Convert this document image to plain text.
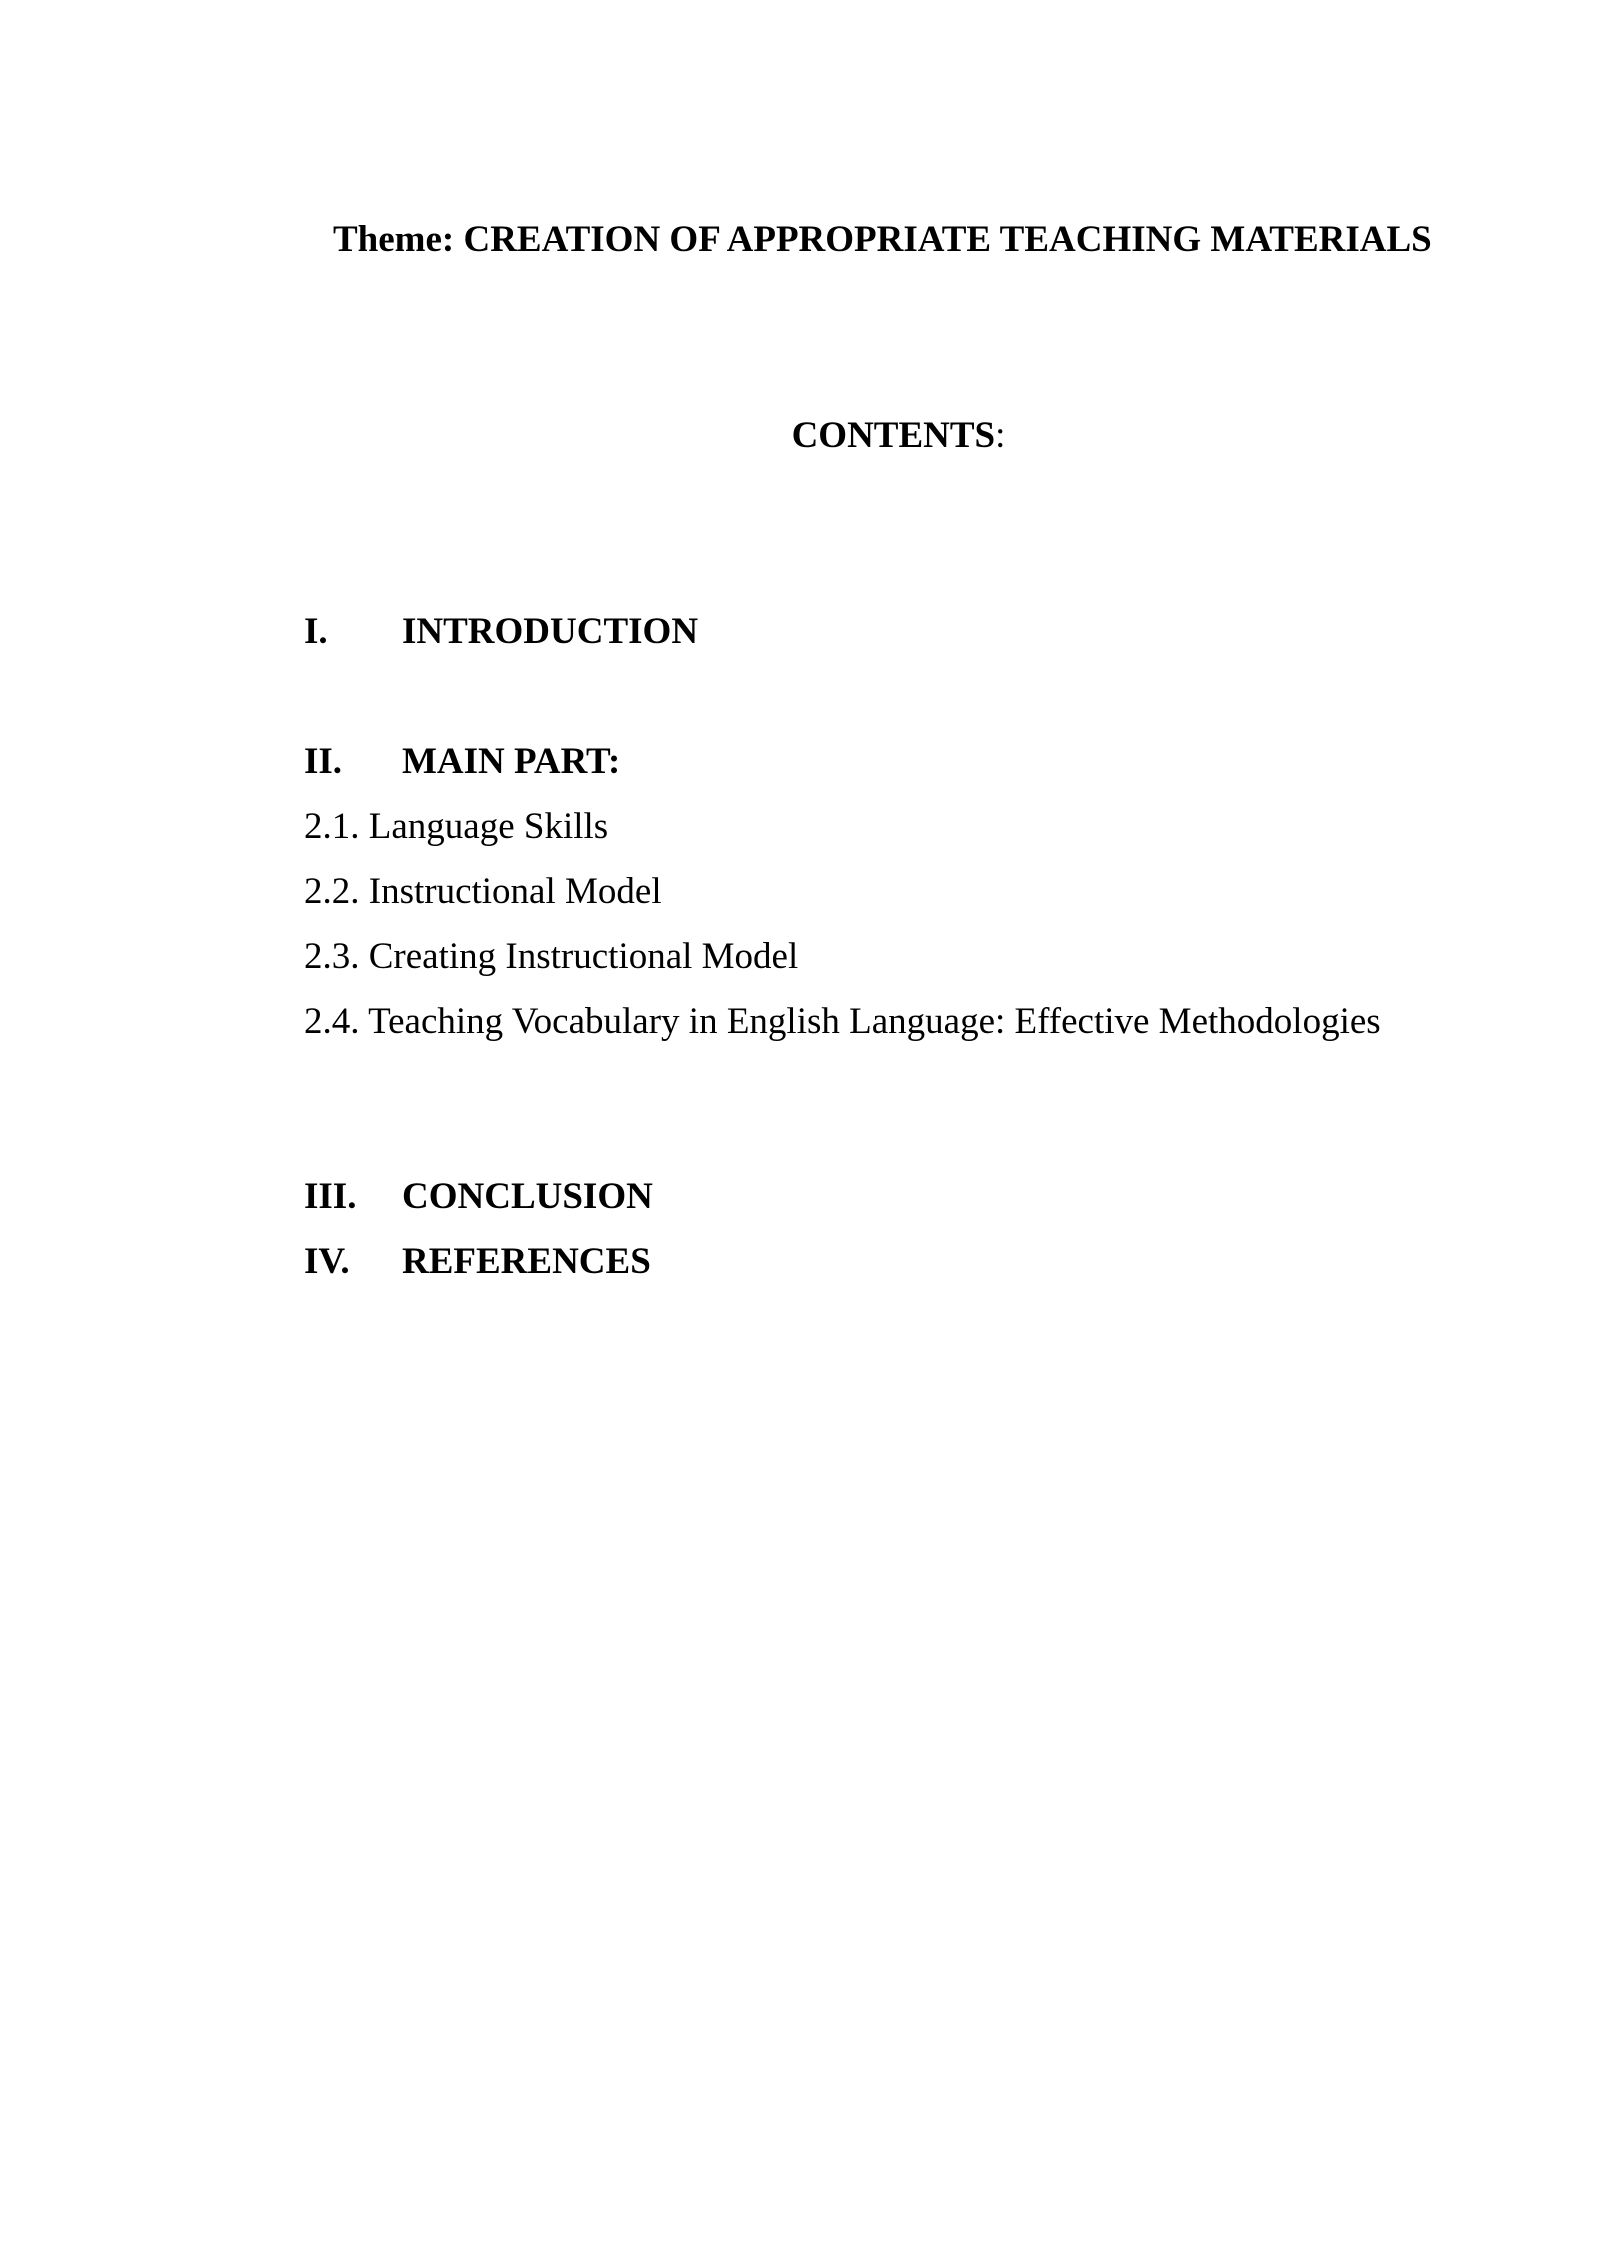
Theme: CREATION OF APPROPRIATE TEACHING MATERIALS
CONTENTS:
I. INTRODUCTION
II. MAIN PART:
2.1. Language Skills
2.2. Instructional Model
2.3. Creating Instructional Model
2.4. Teaching Vocabulary in English Language: Effective Methodologies
III. CONCLUSION
IV. REFERENCES
